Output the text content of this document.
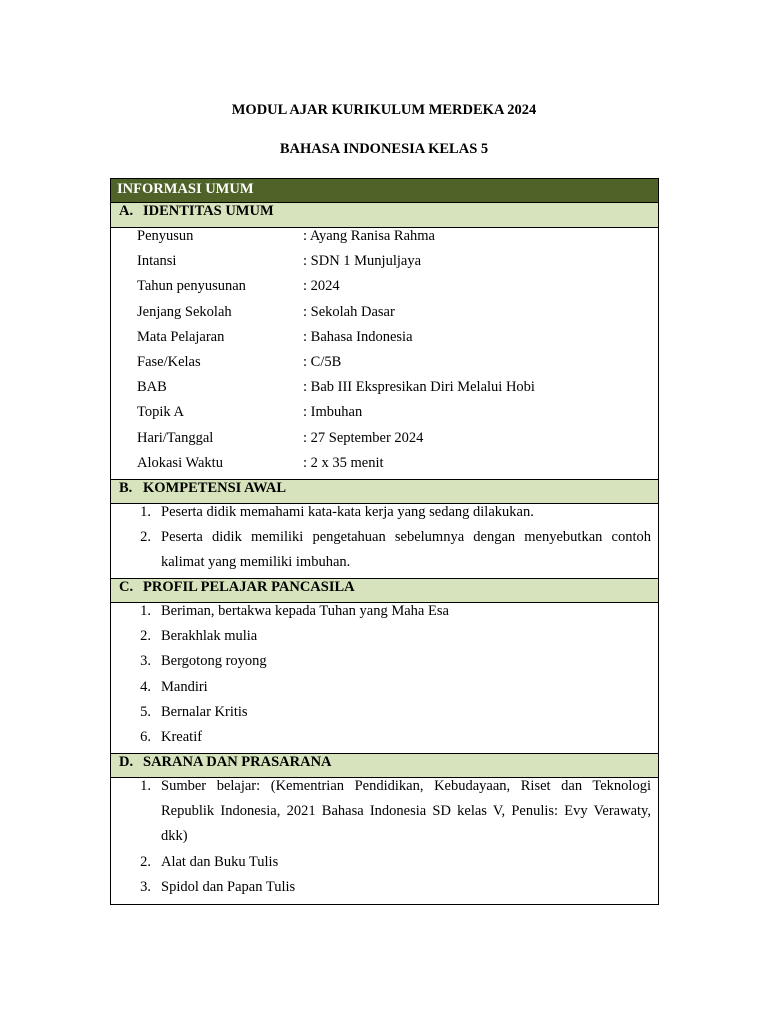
MODUL AJAR KURIKULUM MERDEKA 2024
BAHASA INDONESIA KELAS 5
INFORMASI UMUM
A. IDENTITAS UMUM
Penyusun	: Ayang Ranisa Rahma
Intansi	: SDN 1 Munjuljaya
Tahun penyusunan	: 2024
Jenjang Sekolah	: Sekolah Dasar
Mata Pelajaran	: Bahasa Indonesia
Fase/Kelas	: C/5B
BAB	: Bab III Ekspresikan Diri Melalui Hobi
Topik A	: Imbuhan
Hari/Tanggal	: 27 September 2024
Alokasi Waktu	: 2 x 35 menit
B. KOMPETENSI AWAL
1. Peserta didik memahami kata-kata kerja yang sedang dilakukan.
2. Peserta didik memiliki pengetahuan sebelumnya dengan menyebutkan contoh kalimat yang memiliki imbuhan.
C. PROFIL PELAJAR PANCASILA
1. Beriman, bertakwa kepada Tuhan yang Maha Esa
2. Berakhlak mulia
3. Bergotong royong
4. Mandiri
5. Bernalar Kritis
6. Kreatif
D. SARANA DAN PRASARANA
1. Sumber belajar: (Kementrian Pendidikan, Kebudayaan, Riset dan Teknologi Republik Indonesia, 2021 Bahasa Indonesia SD kelas V, Penulis: Evy Verawaty, dkk)
2. Alat dan Buku Tulis
3. Spidol dan Papan Tulis
